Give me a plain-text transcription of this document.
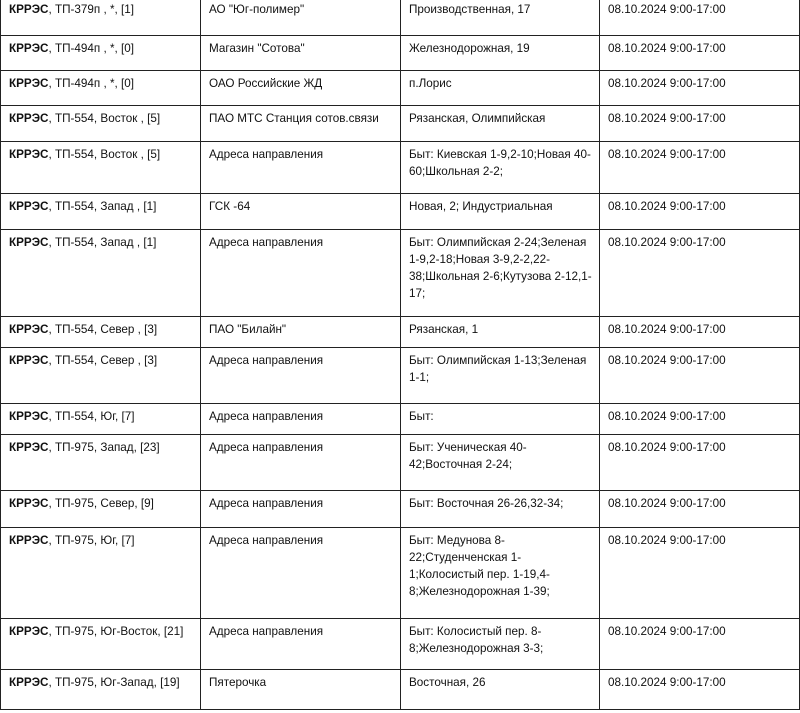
КРРЭС, ТП-379п , *, [1]	АО "Юг-полимер"	Производственная, 17	08.10.2024 9:00-17:00
КРРЭС, ТП-494п , *, [0]	Магазин "Сотова"	Железнодорожная, 19	08.10.2024 9:00-17:00
КРРЭС, ТП-494п , *, [0]	ОАО Российские ЖД	п.Лорис	08.10.2024 9:00-17:00
КРРЭС, ТП-554, Восток , [5]	ПАО МТС Станция сотов.связи	Рязанская, Олимпийская	08.10.2024 9:00-17:00
КРРЭС, ТП-554, Восток , [5]	Адреса направления	Быт: Киевская 1-9,2-10;Новая 40-60;Школьная 2-2;	08.10.2024 9:00-17:00
КРРЭС, ТП-554, Запад , [1]	ГСК -64	Новая, 2; Индустриальная	08.10.2024 9:00-17:00
КРРЭС, ТП-554, Запад , [1]	Адреса направления	Быт: Олимпийская 2-24;Зеленая 1-9,2-18;Новая 3-9,2-2,22-38;Школьная 2-6;Кутузова 2-12,1-17;	08.10.2024 9:00-17:00
КРРЭС, ТП-554, Север , [3]	ПАО "Билайн"	Рязанская, 1	08.10.2024 9:00-17:00
КРРЭС, ТП-554, Север , [3]	Адреса направления	Быт: Олимпийская 1-13;Зеленая 1-1;	08.10.2024 9:00-17:00
КРРЭС, ТП-554, Юг, [7]	Адреса направления	Быт:	08.10.2024 9:00-17:00
КРРЭС, ТП-975, Запад, [23]	Адреса направления	Быт: Ученическая 40-42;Восточная 2-24;	08.10.2024 9:00-17:00
КРРЭС, ТП-975, Север, [9]	Адреса направления	Быт: Восточная 26-26,32-34;	08.10.2024 9:00-17:00
КРРЭС, ТП-975, Юг, [7]	Адреса направления	Быт: Медунова 8-22;Студенченская 1-1;Колосистый пер. 1-19,4-8;Железнодорожная 1-39;	08.10.2024 9:00-17:00
КРРЭС, ТП-975, Юг-Восток, [21]	Адреса направления	Быт: Колосистый пер. 8-8;Железнодорожная 3-3;	08.10.2024 9:00-17:00
КРРЭС, ТП-975, Юг-Запад, [19]	Пятерочка	Восточная, 26	08.10.2024 9:00-17:00
